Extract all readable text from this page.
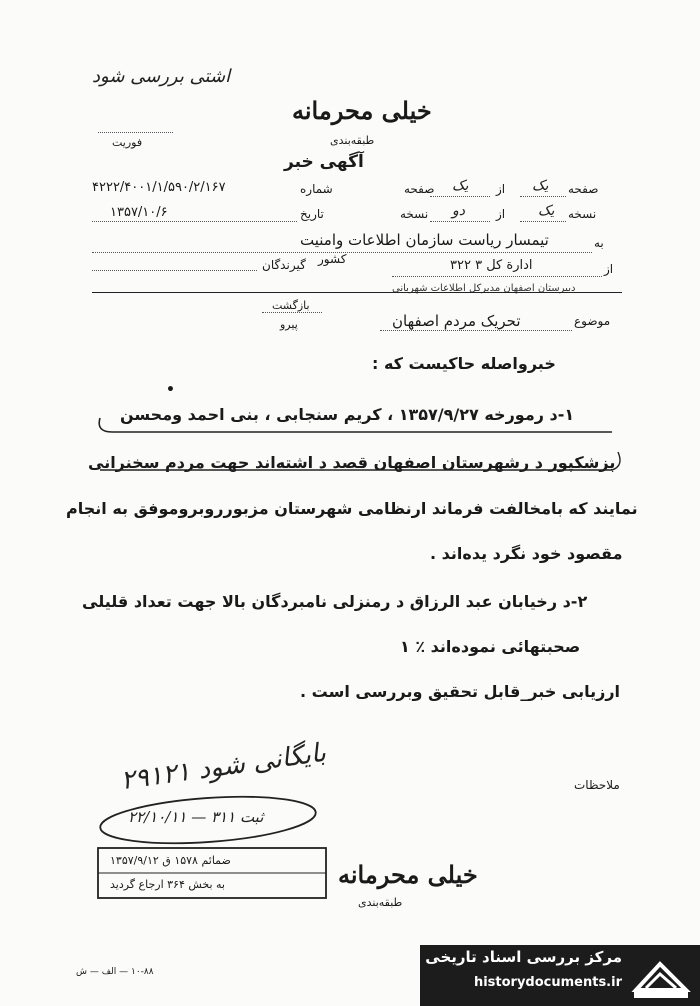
اشتی بررسی شود
خیلی محرمانه
طبقه‌بندی
فوریت
آگهی خبر
صفحه
یک
از
یک
صفحه
شماره
۴۲۲۲/۴۰۰۱/۱/۵۹۰/۲/۱۶۷
نسخه
یک
از
دو
نسخه
تاریخ
۱۳۵۷/۱۰/۶
به
تیمسار ریاست سازمان اطلاعات وامنیت
کشور
از
ادارة کل ۳ ۳۲۲
گیرندگان
دبیرستان اصفهان مدیرکل اطلاعات شهربانی
بازگشت
پیرو	موضوع
تحریک مردم اصفهان
خبرواصله حاکیست که :
•
۱-د رمورخه ۱۳۵۷/۹/۲۷ ، کریم سنجابی ، بنی احمد ومحسن
پزشکپور د رشهرستان اصفهان قصد د اشته‌اند جهت مردم سخنرانی
نمایند که بامخالفت فرماند ارنظامی شهرستان مزبورروبروموفق به انجام
مقصود خود نگرد یده‌اند .
۲-د رخیابان عبد الرزاق د رمنزلی نامبردگان بالا جهت تعداد قلیلی
صحبتهائی نموده‌اند ٪ ۱
ارزیابی خبر_قابل تحقیق وبررسی است .
ملاحظات
بایگانی شود ۲۹۱۲۱
ثبت ۳۱۱ — ۲۲/۱۰/۱۱
ضمائم ۱۵۷۸ ق ۱۳۵۷/۹/۱۲
به بخش ۳۶۴ ارجاع گردید	خیلی محرمانه
طبقه‌بندی
۱۰-۸۸ — الف — ش
مرکز بررسی اسناد تاریخی
historydocuments.ir
